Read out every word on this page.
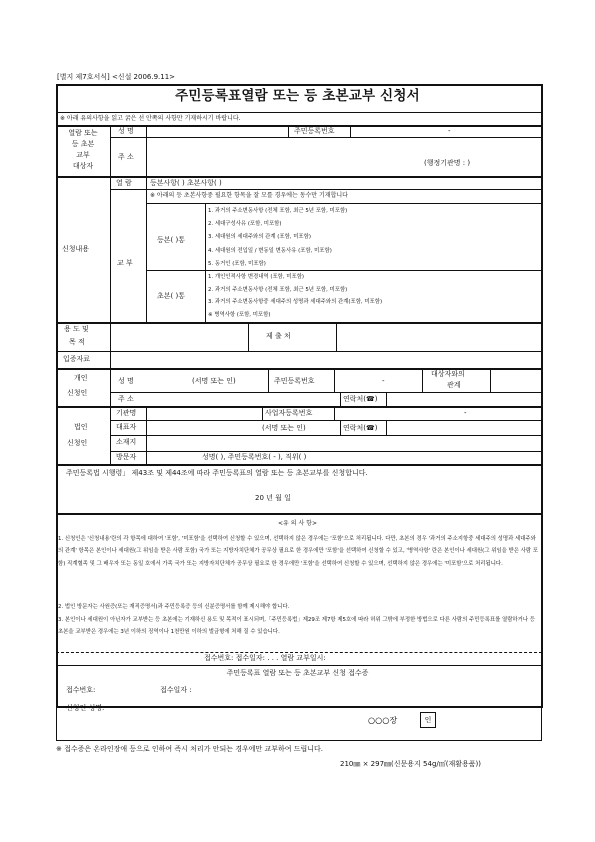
[별지 제7호서식] <신설 2006.9.11>
주민등록표열람 또는 등 초본교부 신청서
※ 아래 유의사항을 읽고 굵은 선 안쪽의 사항만 기재하시기 바랍니다.
열람 또는
등 초본
교부
대상자
성 명	주민등록번호	-
주 소
(행정기관명 : )
신청내용
열 람	등본사항( ) 초본사항( )
※ 아래의 등 초본사항중 필요한 항목을 잘 모를 경우에는 동수만 기재합니다
교 부
등본( )통
1. 과거의 주소변동사항 (전체 포함, 최근 5년 포함, 미포함)
2. 세대구성사유 (포함, 미포함)
3. 세대원의 세대주와의 관계 (포함, 미포함)
4. 세대원의 전입일 / 변동일 변동사유 (포함, 미포함)
5. 동거인 (포함, 미포함)
초본( )통
1. 개인인적사항 변경내역 (포함, 미포함)
2. 과거의 주소변동사항 (전체 포함, 최근 5년 포함, 미포함)
3. 과거의 주소변동사항중 세대주의 성명과 세대주와의 관계(포함, 미포함)
※ 병역사항 (포함, 미포함)
용 도 및
목 적
제 출 처
입증자료
개인
신청인
성 명	(서명 또는 인)	주민등록번호	-
대상자와의
관계
주 소	연락처(☎)
법인
신청인
기관명	사업자등록번호	-
대표자	(서명 또는 인)	연락처(☎)
소재지
방문자	성명( ), 주민등록번호( - ), 직위( )
주민등록법 시행령」 제43조 및 제44조에 따라 주민등록표의 열람 또는 등 초본교부를 신청합니다.
20 년 월 일
<유 의 사 항>
1. 신청인은 '신청내용'란의 각 항목에 대하여 '포함', '미포함'을 선택하여 신청할 수 있으며, 선택하지 않은 경우에는 '포함'으로 처리됩니다. 다만, 초본의 경우 '과거의 주소지항중 세대주의 성명과 세대주와의 관계' 항목은 본인이나 세대원(그 위임을 받은 사람 포함) 국가 또는 지방자치단체가 공무상 필요로 한 경우에만 '포함'을 선택하여 신청할 수 있고, '병역사항' 란은 본인이나 세대원(그 위임을 받은 사람 포함) 직계혈족 및 그 배우자 또는 동일 호에서 가족 국가 또는 지방자치단체가 공무상 필요로 한 경우에만 '포함'을 선택하여 신청할 수 있으며, 선택하지 않은 경우에는 '미포함'으로 처리됩니다.
2. 법인 방문자는 사원증(또는 재직증명서)과 주민등록증 등의 신분증명서를 함께 제시해야 합니다.
3. 본인이나 세대원이 아닌자가 교부받는 등 초본에는 기재하신 용도 및 목적이 표시되며,「주민등록법」제29조 제7항 제5호에 따라 허위 그밖에 부정한 방법으로 다른 사람의 주민등록표를 열람하거나 등 초본을 교부받은 경우에는 3년 이하의 징역이나 1천만원 이하의 벌금형에 처해 질 수 있습니다.
접수번호: 접수일자: . . . 열람 교부일시:
주민등록표 열람 또는 등 초본교부 신청 접수증
접수번호:	접수일자 :
신청인 성명:
○○○장	인
※ 접수증은 온라인장애 등으로 인하여 즉시 처리가 안되는 경우에만 교부하여 드립니다.
210㎜ × 297㎜(신문용지 54g/㎡(재활용품))
